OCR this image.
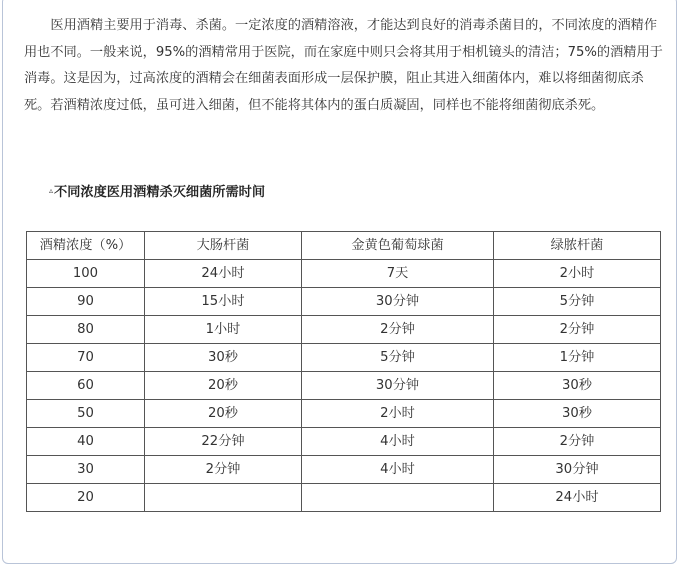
医用酒精主要用于消毒、杀菌。一定浓度的酒精溶液，才能达到良好的消毒杀菌目的，不同浓度的酒精作用也不同。一般来说，95%的酒精常用于医院，而在家庭中则只会将其用于相机镜头的清洁；75%的酒精用于消毒。这是因为，过高浓度的酒精会在细菌表面形成一层保护膜，阻止其进入细菌体内，难以将细菌彻底杀死。若酒精浓度过低，虽可进入细菌，但不能将其体内的蛋白质凝固，同样也不能将细菌彻底杀死。

▵不同浓度医用酒精杀灭细菌所需时间
酒精浓度（%）	大肠杆菌	金黄色葡萄球菌	绿脓杆菌
100	24小时	7天	2小时
90	15小时	30分钟	5分钟
80	1小时	2分钟	2分钟
70	30秒	5分钟	1分钟
60	20秒	30分钟	30秒
50	20秒	2小时	30秒
40	22分钟	4小时	2分钟
30	2分钟	4小时	30分钟
20			24小时
